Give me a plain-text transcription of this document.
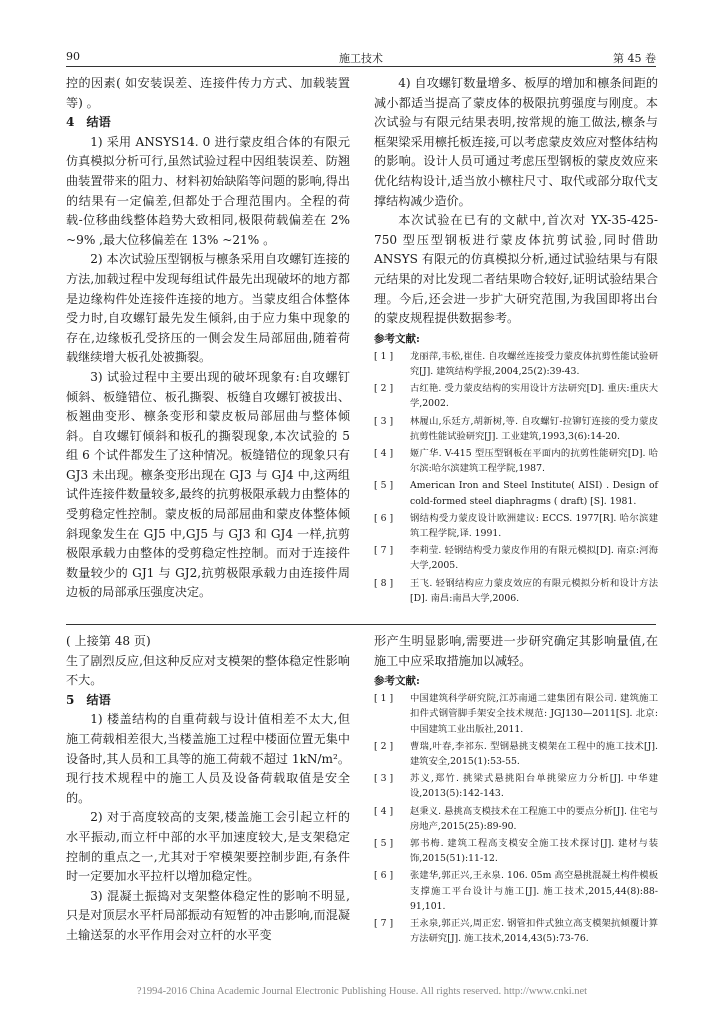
90	施工技术	第 45 卷

控的因素( 如安装误差、连接件传力方式、加载装置等) 。

4　结语

1) 采用 ANSYS14. 0 进行蒙皮组合体的有限元仿真模拟分析可行,虽然试验过程中因组装误差、防翘曲装置带来的阻力、材料初始缺陷等问题的影响,得出的结果有一定偏差,但都处于合理范围内。全程的荷载-位移曲线整体趋势大致相同,极限荷载偏差在 2% ~9% ,最大位移偏差在 13% ~21% 。

2) 本次试验压型钢板与檩条采用自攻螺钉连接的方法,加载过程中发现每组试件最先出现破坏的地方都是边缘构件处连接件连接的地方。当蒙皮组合体整体受力时,自攻螺钉最先发生倾斜,由于应力集中现象的存在,边缘板孔受挤压的一侧会发生局部屈曲,随着荷载继续增大板孔处被撕裂。

3) 试验过程中主要出现的破坏现象有:自攻螺钉倾斜、板缝错位、板孔撕裂、板缝自攻螺钉被拔出、板翘曲变形、檩条变形和蒙皮板局部屈曲与整体倾斜。自攻螺钉倾斜和板孔的撕裂现象,本次试验的 5 组 6 个试件都发生了这种情况。板缝错位的现象只有 GJ3 未出现。檩条变形出现在 GJ3 与 GJ4 中,这两组试件连接件数量较多,最终的抗剪极限承载力由整体的受剪稳定性控制。蒙皮板的局部屈曲和蒙皮体整体倾斜现象发生在 GJ5 中,GJ5 与 GJ3 和 GJ4 一样,抗剪极限承载力由整体的受剪稳定性控制。而对于连接件数量较少的 GJ1 与 GJ2,抗剪极限承载力由连接件周边板的局部承压强度决定。

4) 自攻螺钉数量增多、板厚的增加和檩条间距的减小都适当提高了蒙皮体的极限抗剪强度与刚度。本次试验与有限元结果表明,按常规的施工做法,檩条与框架梁采用檩托板连接,可以考虑蒙皮效应对整体结构的影响。设计人员可通过考虑压型钢板的蒙皮效应来优化结构设计,适当放小檩柱尺寸、取代或部分取代支撑结构减少造价。

本次试验在已有的文献中,首次对 YX-35-425-750 型压型钢板进行蒙皮体抗剪试验,同时借助 ANSYS 有限元的仿真模拟分析,通过试验结果与有限元结果的对比发现二者结果吻合较好,证明试验结果合理。今后,还会进一步扩大研究范围,为我国即将出台的蒙皮规程提供数据参考。

参考文献:

[ 1 ] 龙丽萍,韦松,崔佳. 自攻螺丝连接受力蒙皮体抗剪性能试验研究[J]. 建筑结构学报,2004,25(2):39-43.
[ 2 ] 古红艳. 受力蒙皮结构的实用设计方法研究[D]. 重庆:重庆大学,2002.
[ 3 ] 林履山,乐廷方,胡新树,等. 自攻螺钉-拉铆钉连接的受力蒙皮抗剪性能试验研究[J]. 工业建筑,1993,3(6):14-20.
[ 4 ] 姬广华. V-415 型压型钢板在平面内的抗剪性能研究[D]. 哈尔滨:哈尔滨建筑工程学院,1987.
[ 5 ] American Iron and Steel Institute( AISI) . Design of cold-formed steel diaphragms ( draft) [S]. 1981.
[ 6 ] 钢结构受力蒙皮设计欧洲建议: ECCS. 1977[R]. 哈尔滨建筑工程学院,译. 1991.
[ 7 ] 李莉莹. 轻钢结构受力蒙皮作用的有限元模拟[D]. 南京:河海大学,2005.
[ 8 ] 王飞. 轻钢结构应力蒙皮效应的有限元模拟分析和设计方法[D]. 南昌:南昌大学,2006.

( 上接第 48 页)

生了剧烈反应,但这种反应对支模架的整体稳定性影响不大。

5　结语

1) 楼盖结构的自重荷载与设计值相差不太大,但施工荷载相差很大,当楼盖施工过程中楼面位置无集中设备时,其人员和工具等的施工荷载不超过 1kN/m²。现行技术规程中的施工人员及设备荷载取值是安全的。

2) 对于高度较高的支架,楼盖施工会引起立杆的水平振动,而立杆中部的水平加速度较大,是支架稳定控制的重点之一,尤其对于窄模架要控制步距,有条件时一定要加水平拉杆以增加稳定性。

3) 混凝土振捣对支架整体稳定性的影响不明显,只是对顶层水平杆局部振动有短暂的冲击影响,而混凝土输送泵的水平作用会对立杆的水平变

形产生明显影响,需要进一步研究确定其影响量值,在施工中应采取措施加以减轻。

参考文献:

[ 1 ] 中国建筑科学研究院,江苏南通二建集团有限公司. 建筑施工扣件式钢管脚手架安全技术规范: JGJ130—2011[S]. 北京:中国建筑工业出版社,2011.
[ 2 ] 曹瑞,叶春,李祁东. 型钢悬挑支模架在工程中的施工技术[J]. 建筑安全,2015(1):53-55.
[ 3 ] 苏义,郑竹. 挑梁式悬挑阳台单挑梁应力分析[J]. 中华建设,2013(5):142-143.
[ 4 ] 赵秉义. 悬挑高支模技术在工程施工中的要点分析[J]. 住宅与房地产,2015(25):89-90.
[ 5 ] 郭书梅. 建筑工程高支模安全施工技术探讨[J]. 建材与装饰,2015(51):11-12.
[ 6 ] 张建华,郭正兴,王永泉. 106. 05m 高空悬挑混凝土构件模板支撑施工平台设计与施工[J]. 施工技术,2015,44(8):88-91,101.
[ 7 ] 王永泉,郭正兴,周正宏. 钢管扣件式独立高支模架抗倾覆计算方法研究[J]. 施工技术,2014,43(5):73-76.
?1994-2016 China Academic Journal Electronic Publishing House. All rights reserved. http://www.cnki.net
